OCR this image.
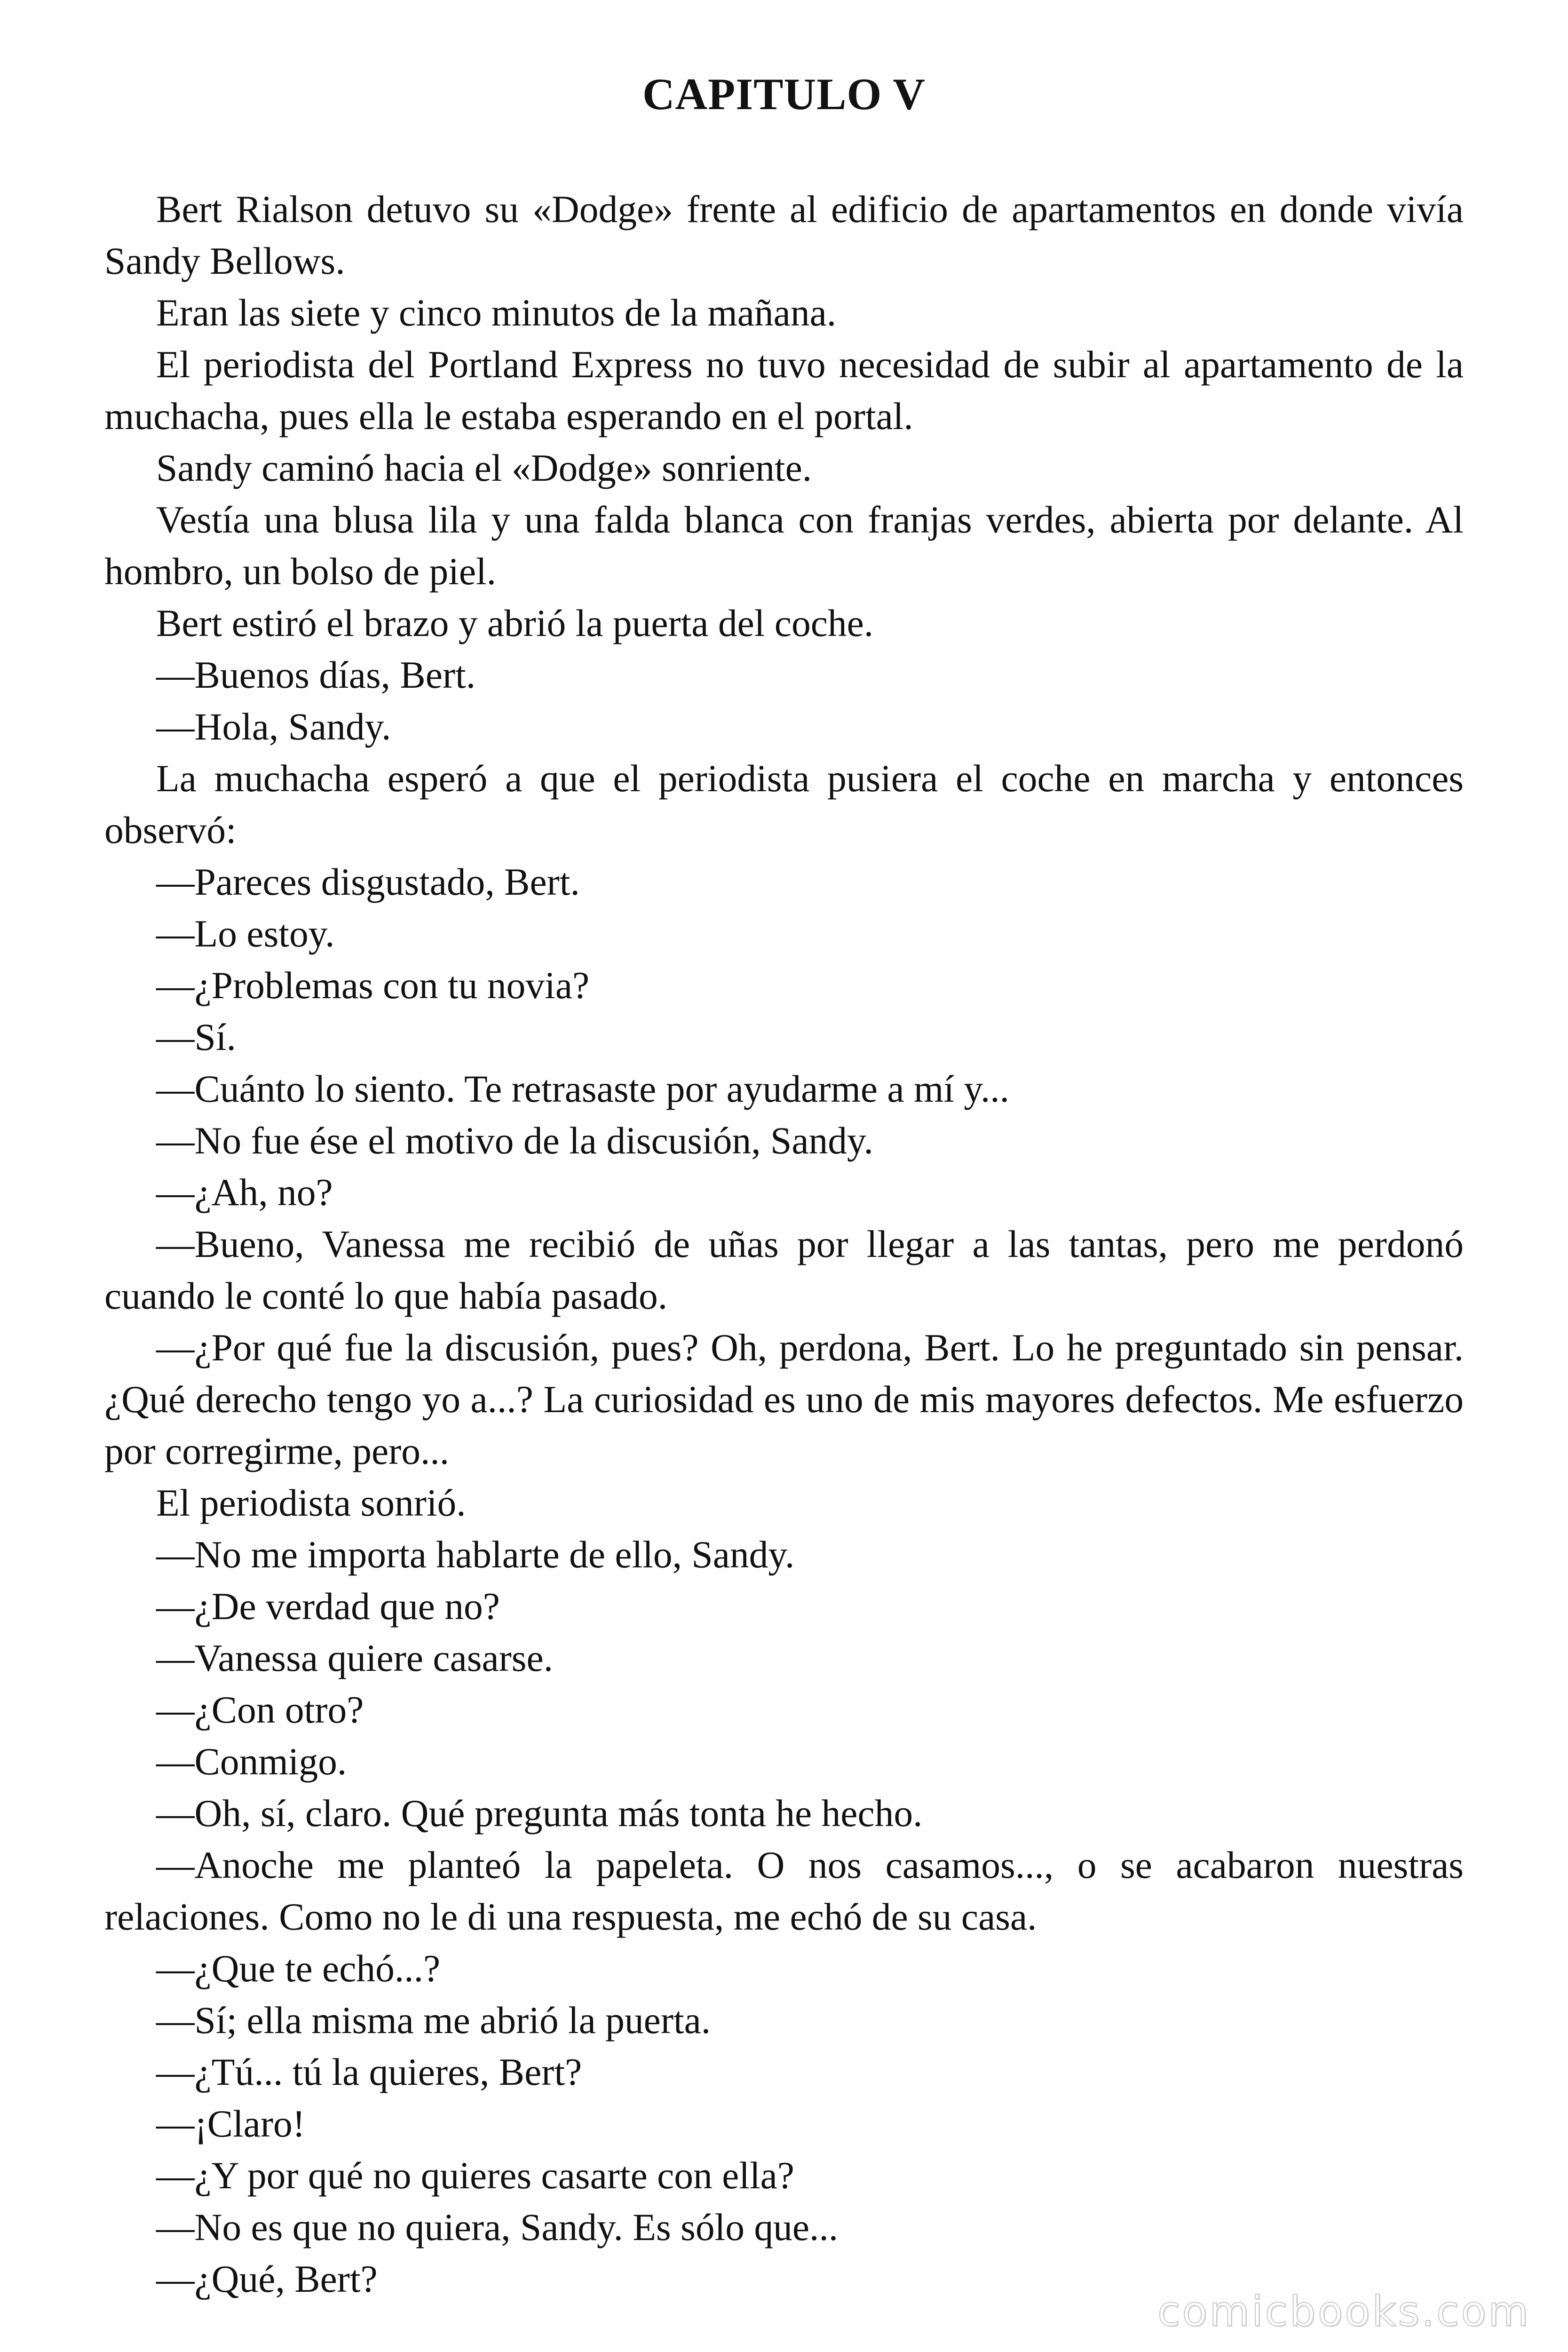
CAPITULO V

Bert Rialson detuvo su «Dodge» frente al edificio de apartamentos en donde vivía Sandy Bellows.

Eran las siete y cinco minutos de la mañana.

El periodista del Portland Express no tuvo necesidad de subir al apartamento de la muchacha, pues ella le estaba esperando en el portal.

Sandy caminó hacia el «Dodge» sonriente.

Vestía una blusa lila y una falda blanca con franjas verdes, abierta por delante. Al hombro, un bolso de piel.

Bert estiró el brazo y abrió la puerta del coche.

—Buenos días, Bert.

—Hola, Sandy.

La muchacha esperó a que el periodista pusiera el coche en marcha y entonces observó:

—Pareces disgustado, Bert.

—Lo estoy.

—¿Problemas con tu novia?

—Sí.

—Cuánto lo siento. Te retrasaste por ayudarme a mí y...

—No fue ése el motivo de la discusión, Sandy.

—¿Ah, no?

—Bueno, Vanessa me recibió de uñas por llegar a las tantas, pero me perdonó cuando le conté lo que había pasado.

—¿Por qué fue la discusión, pues? Oh, perdona, Bert. Lo he preguntado sin pensar. ¿Qué derecho tengo yo a...? La curiosidad es uno de mis mayores defectos. Me esfuerzo por corregirme, pero...

El periodista sonrió.

—No me importa hablarte de ello, Sandy.

—¿De verdad que no?

—Vanessa quiere casarse.

—¿Con otro?

—Conmigo.

—Oh, sí, claro. Qué pregunta más tonta he hecho.

—Anoche me planteó la papeleta. O nos casamos..., o se acabaron nuestras relaciones. Como no le di una respuesta, me echó de su casa.

—¿Que te echó...?

—Sí; ella misma me abrió la puerta.

—¿Tú... tú la quieres, Bert?

—¡Claro!

—¿Y por qué no quieres casarte con ella?

—No es que no quiera, Sandy. Es sólo que...

—¿Qué, Bert?

comicbooks.com
